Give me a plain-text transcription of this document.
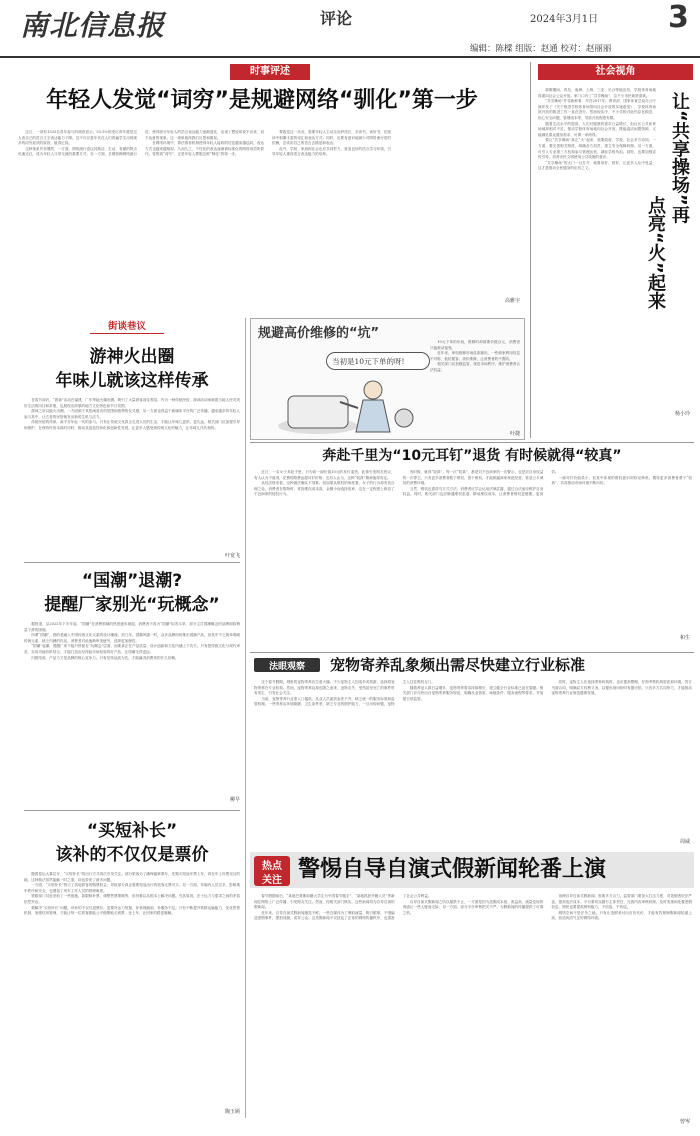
南北信息报	评论	2024年3月1日 3
编辑：陈樑 组版：赵通 校对：赵丽丽
时事评述
年轻人发觉“词穷”是规避网络“驯化”第一步

这日，一项有1333名青年参与的调查显示，53.3%的受访青年感觉过人表自己的语言文字表达能力下降。这不仅仅是年代在人们普遍学生出现现多的词穷症状的原因，值得正视。

这种现象并非偶然，一方面，网络流行语以其简洁、生动、有趣的特点迅速走红，成为年轻人日常交流的重要方式；另一方面，长期依赖网络流行语，使得部分年轻人的语言表达能力逐渐退化，出现了想说却说不出来、词不达意的现象。这一现象值得我们反思和重视。

在网络环境中，算法推荐机制使得年轻人接收的信息越来越趋同，表达方式也越来越相似。久而久之，个性化的表达逐渐被标准化的网络用语所替代。觉察到“词穷”，正是年轻人摆脱这种“驯化”的第一步。

要改变这一状况，需要年轻人主动走出舒适区，多读书、读好书，在阅读中积累丰富的词汇和表达方式；同时，也要有意识地减少对网络流行语的依赖，尝试用自己的语言去描述和表达。

此外，学校、家庭和社会也应共同努力，营造良好的语言学习环境，引导年轻人重视语言表达能力的培养。

高雅宇
社会视角

寒假期间，青岛、南海、上海、三亚、长沙等地宣布，学校体育场地将面向社会公众开放。家门口有了“共享操场”，这不少市民欢呼喜欢。

“共享操场”并非新鲜事，早在2017年，教育部、国家体育总局办公厅就印发了《关于推进学校体育场馆向社会开放的实施意见》，学校体育场馆开放的推进工作一直在进行。然而现实中，不少学校对此仍存在顾虑，担心安全问题、管理成本等，导致开放程度有限。

随着生活水平的提高，人们对健康的需求日益增长，但社区公共体育场地却相对不足。推动学校体育场地向社会开放，既能盘活闲置资源，又能满足群众健身需求，可谓一举两得。

要让“共享操场”真正“火”起来，需要政府、学校、社会多方协同。一方面，要完善相关制度，明确各方权责，建立安全保障机制；另一方面，可引入专业第三方机构参与管理运营，减轻学校负担。同时，也要加强宣传引导，培养市民文明使用公共设施的意识。

“共享操场”的大门一旦打开，就要用好、管好，让更多人从中受益，这才是推动全民健身的应有之义。	让“共享操场”再
点亮“火”起来
杨小玲
街谈巷议
游神火出圈
年味儿就该这样传承

在春节前后，“游神”活动在福建、广东等地火爆出圈，吸引了大量游客前往观赏。作为一种传统民俗，游神活动承载着当地人民对美好生活的向往和祈愿，也展现出浓厚的地方文化特色和节日氛围。

游神之所以能火出圈，一方面源于其热闹喜庆的氛围和独特的仪式感，另一方面也得益于新媒体平台的广泛传播。越来越多的年轻人参与其中，让古老的民俗焕发出新的生机与活力。

传统民俗的传承，离不开年轻一代的参与。只有让传统文化真正走进人们的生活，才能让年味儿更浓、更久远。相关部门应加强引导和保护，在保持民俗本真的同时，推动其创造性转化和创新性发展，让更多人感受到传统文化的魅力，让年味儿代代相传。

叶宽飞
“国潮”退潮?
提醒厂家别光“玩概念”

据报道，从2022年下半年起，“国潮”在消费领域的热度逐步减退，消费者不再为“国潮”标签买单，部分主打国潮概念的品牌面临销量下滑的困境。

所谓“国潮”，指的是融入中国传统文化元素的设计潮流。前几年，国潮风靡一时，众多品牌纷纷推出国潮产品，但其中不乏简单堆砌传统元素、缺乏内涵的作品。消费者对此逐渐审美疲劳，选择更加理性。

“国潮”退潮，提醒厂家不能只停留在“玩概念”层面，而要真正在产品质量、设计创新和文化内涵上下功夫。只有把传统文化与现代审美、实用功能有机结合，才能打造出经得起市场检验的好产品，让国潮走得更远。

归根结底，产品力才是品牌的核心竞争力。只有坚持品质为先，才能赢得消费者的长久信赖。

柳早
“买短补长”
该补的不仅仅是票价

随着春运大幕拉开，“买短补长”的出行方式再次引发关注。部分旅客为了确保能够乘车，先购买短途车票上车，再在车上补票至目的地。这种做法虽然能解一时之需，却也带来了诸多问题。

一方面，“买短补长”挤占了其他旅客的购票机会，导致部分真正需要短途出行的旅客无票可买；另一方面，车厢内人员过多，影响乘车秩序和安全，也增加了列车工作人员的管理难度。

铁路部门对此采取了一些措施，如限制补票、调整售票策略等，但仍难以从根本上解决问题。究其原因，在于运力与需求之间的矛盾依然突出。

要解决“买短补长”问题，该补的不仅仅是票价，更要补运力短板、补管理漏洞、补服务不足。只有不断提升铁路运输能力，优化售票机制，加强信用管理，才能让每一位旅客都能公平便捷地买到票、坐上车，让回家的路更顺畅。

陶玉顾
规避高价维修的“坑”
当初是10元下单的呀!

10元下单的东西，维修时却被要价数百元，消费者只能被动接受。

近年来，家电维修市场乱象频出，一些商家利用信息不对称，低价揽客、高价维修，让消费者防不胜防。

相关部门应加强监管，规范市场秩序，维护消费者合法权益。

叶捷
奔赴千里为“10元耳钉”退货 有时候就得“较真”

近日，一名女子奔赴千里，只为给一副价值10元的耳钉退货。此事引发网友热议，有人认为不值得，花费的路费远超耳钉价格；也有人认为，这种“较真”精神值得肯定。

从经济账来看，这种做法确实不划算。但如果从维权的角度看，女子的行为却有其合理之处。消费者在购物时，常因维权成本高、金额小而选择放弃，这在一定程度上纵容了不良商家的侵权行为。

有时候，就得“较真”。每一次“较真”，都是对不良商家的一次警示，也是对自身权益的一次捍卫。只有更多消费者敢于维权、善于维权，才能倒逼商家规范经营，营造公平诚信的消费环境。

当然，维权也需讲究方式方法。消费者应学会运用法律武器，通过合法途径维护自身权益。同时，相关部门也应畅通维权渠道，降低维权成本，让消费者维权更便捷、更高效。

一副耳钉价值虽小，但其中体现的维权意识却弥足珍贵。期待更多消费者勇于“较真”，共同推动市场环境不断向好。

和生
法眼观察	宠物寄养乱象频出需尽快建立行业标准

这个春节假期，城里的宠物寄养店生意火爆。不少宠物主人因返乡或旅游，选择将宠物寄养在专业机构。然而，宠物寄养乱象也随之而来，宠物走失、受伤甚至死亡的事件时有发生，引发社会关注。

当前，宠物寄养行业准入门槛低，从业人员素质参差不齐，缺乏统一的服务标准和监管机制。一些寄养店环境简陋、卫生条件差，缺乏专业的照护能力，一旦出现问题，宠物主人往往维权无门。

随着养宠人群日益增多，宠物寄养需求持续增长，建立健全行业标准已迫在眉睫。相关部门应尽快出台宠物寄养服务规范，明确从业资质、场地条件、服务流程等要求，并加强日常监管。

同时，宠物主人在选择寄养机构时，也应提高警惕，仔细考察机构资质和环境，签订书面合同，明确双方权利义务，以便出现纠纷时有据可依。只有多方共同努力，才能推动宠物寄养行业规范健康发展。

周威
热点
关注 警惕自导自演式假新闻轮番上演

春节假期前后，“某地巴基斯坦籍大学生为中国春节题字”、“某地抓获外籍人员”等新闻在网络上广泛传播，引发网友关注。然而，经相关部门核实，这些新闻均为自导自演的假新闻。

近年来，自导自演式假新闻屡见不鲜。一些自媒体为了博取流量、吸引眼球，不惜编造虚假事件，摆拍视频，误导公众。这类假新闻不仅扰乱了正常的网络传播秩序，也损害了社会公共利益。

自导自演式假新闻之所以屡禁不止，一方面是因为造假成本低、收益高，流量变现的诱惑让一些人铤而走险；另一方面，部分平台审核把关不严，为假新闻的传播提供了可乘之机。

治理自导自演式假新闻，需要多方合力。监管部门要加大打击力度，对造假者依法严惩，提高违法成本；平台要切实履行主体责任，完善内容审核机制，及时发现和处置虚假信息；网民也要提高辨别能力，不信谣、不传谣。

网络空间不是法外之地。只有让造假者付出应有代价，才能有效遏制假新闻轮番上演，营造风清气正的网络环境。

曾岑
